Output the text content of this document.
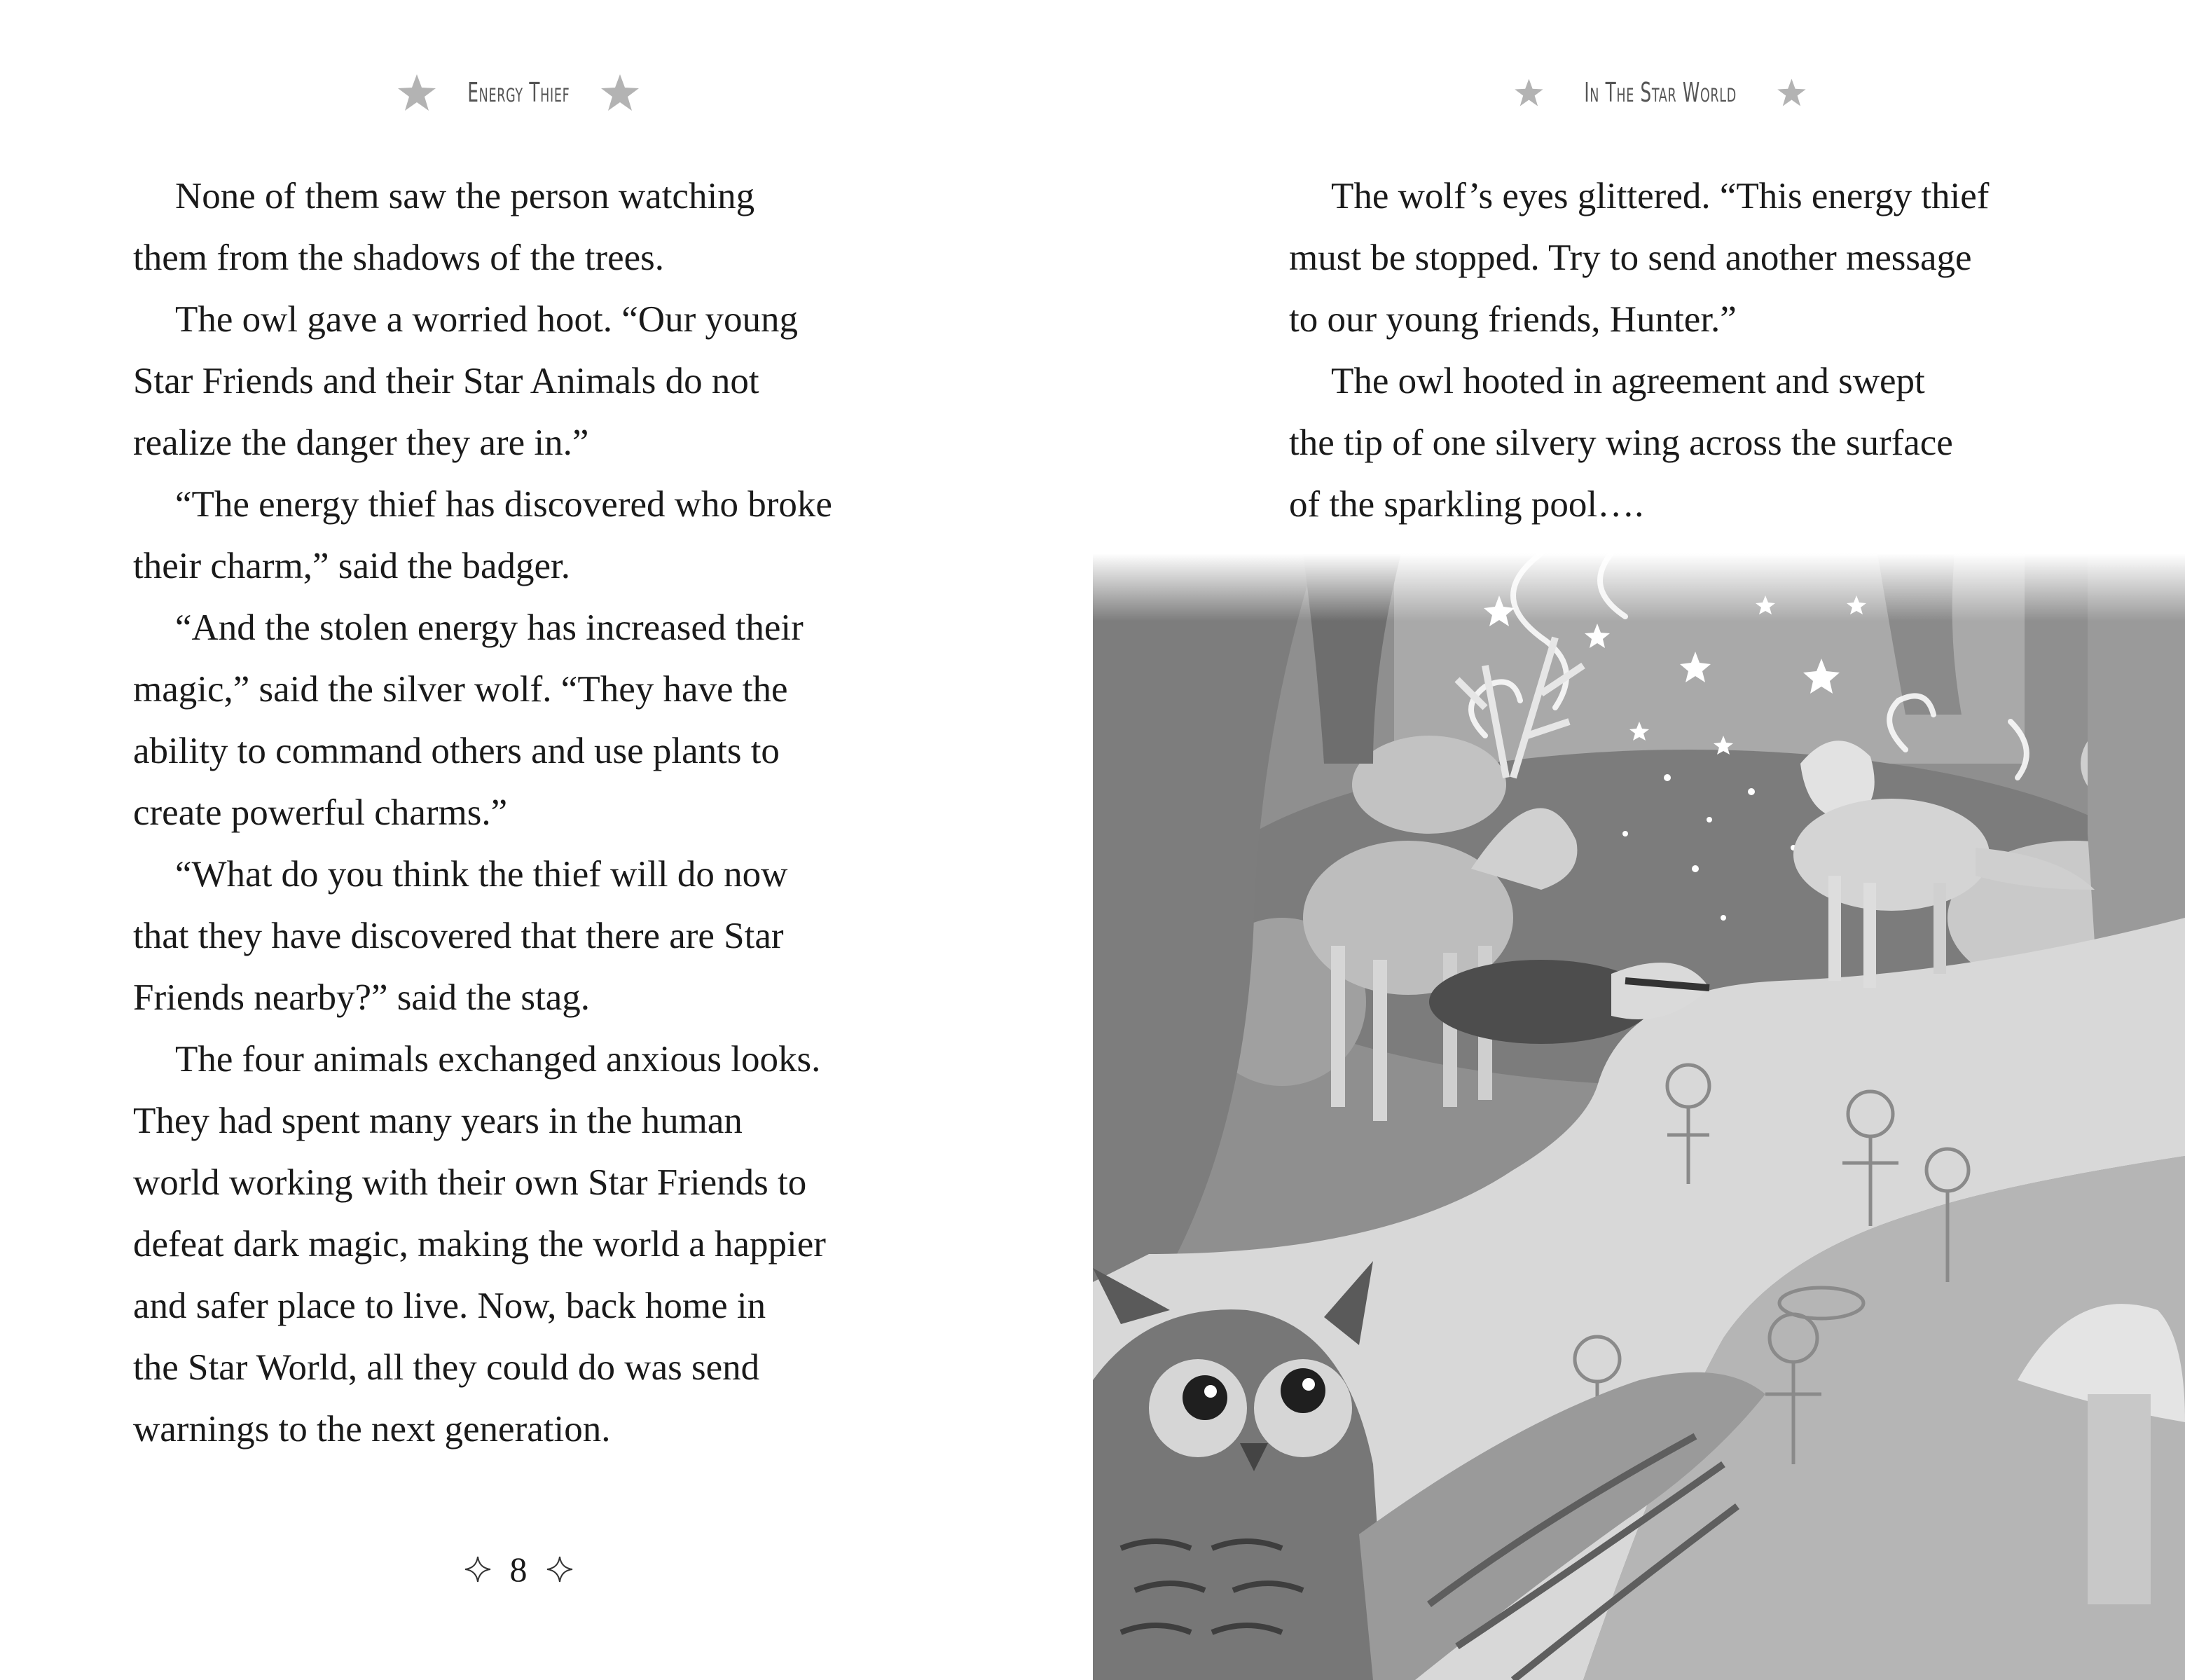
Energy Thief
None of them saw the person watching
them from the shadows of the trees.
The owl gave a worried hoot. “Our young
Star Friends and their Star Animals do not
realize the danger they are in.”
“The energy thief has discovered who broke
their charm,” said the badger.
“And the stolen energy has increased their
magic,” said the silver wolf. “They have the
ability to command others and use plants to
create powerful charms.”
“What do you think the thief will do now
that they have discovered that there are Star
Friends nearby?” said the stag.
The four animals exchanged anxious looks.
They had spent many years in the human
world working with their own Star Friends to
defeat dark magic, making the world a happier
and safer place to live. Now, back home in
the Star World, all they could do was send
warnings to the next generation.
8
In The Star World
The wolf’s eyes glittered. “This energy thief
must be stopped. Try to send another message
to our young friends, Hunter.”
The owl hooted in agreement and swept
the tip of one silvery wing across the surface
of the sparkling pool….
